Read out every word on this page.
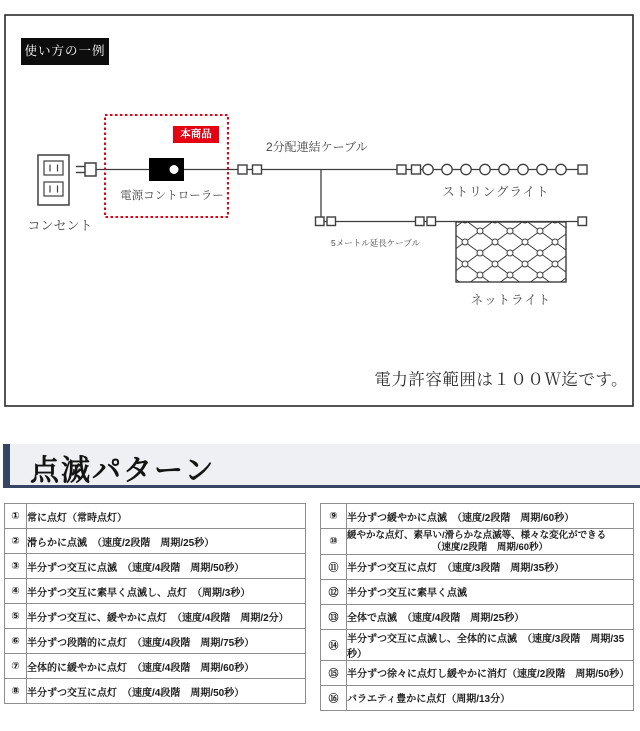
使い方の一例
コンセント
電源コントローラー
本商品
2分配連結ケーブル
ストリングライト
5メートル延長ケーブル
ネットライト
電力許容範囲は１００Ｗ迄です。
点滅パターン
①	常に点灯（常時点灯）
②	滑らかに点滅　（速度/2段階　周期/25秒）
③	半分ずつ交互に点滅　（速度/4段階　周期/50秒）
④	半分ずつ交互に素早く点滅し、点灯　（周期/3秒）
⑤	半分ずつ交互に、緩やかに点灯　（速度/4段階　周期/2分）
⑥	半分ずつ段階的に点灯　（速度/4段階　周期/75秒）
⑦	全体的に緩やかに点灯　（速度/4段階　周期/60秒）
⑧	半分ずつ交互に点灯　（速度/4段階　周期/50秒）
⑨	半分ずつ緩やかに点滅　（速度/2段階　周期/60秒）
⑩	緩やかな点灯、素早い/滑らかな点滅等、様々な変化ができる
（速度/2段階　周期/60秒）

⑪	半分ずつ交互に点灯　（速度/3段階　周期/35秒）
⑫	半分ずつ交互に素早く点滅
⑬	全体で点滅　（速度/4段階　周期/25秒）
⑭	半分ずつ交互に点滅し、全体的に点滅　（速度/3段階　周期/35秒）
⑮	半分ずつ徐々に点灯し緩やかに消灯（速度/2段階　周期/50秒）
⑯	バラエティ豊かに点灯（周期/13分）
